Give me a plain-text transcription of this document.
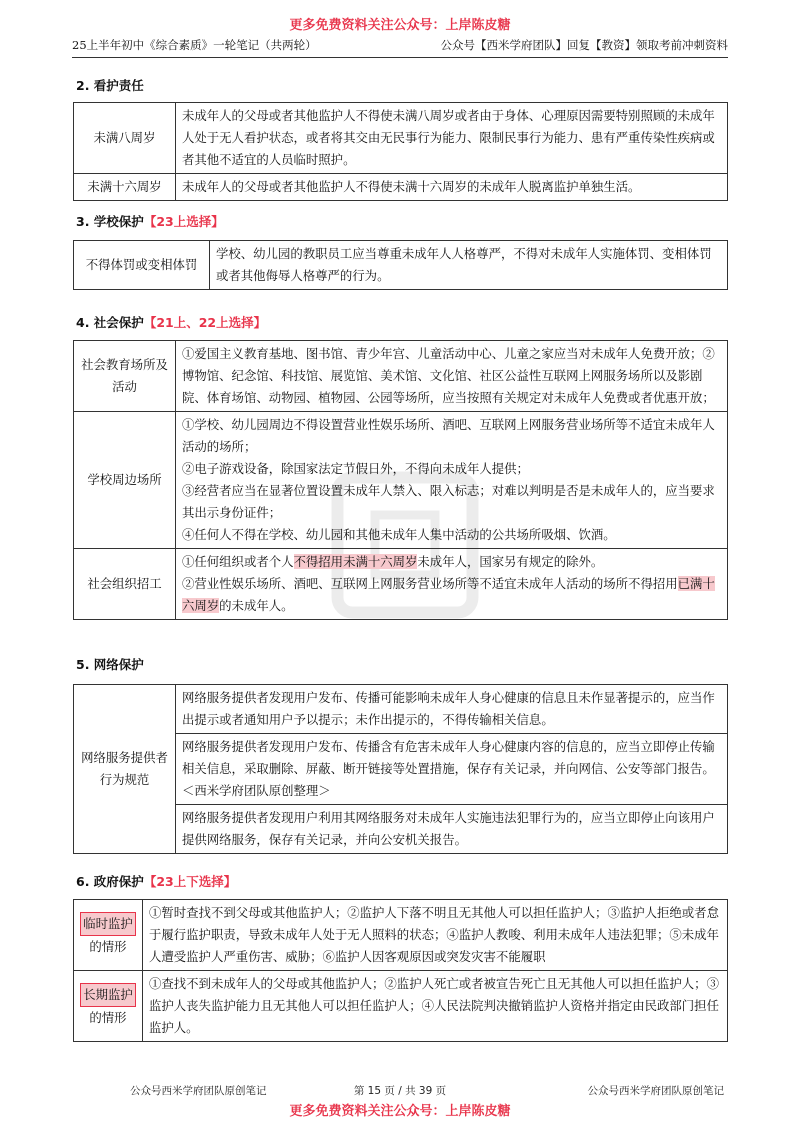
更多免费资料关注公众号：上岸陈皮糖
25上半年初中《综合素质》一轮笔记（共两轮）	公众号【西米学府团队】回复【教资】领取考前冲刺资料
2. 看护责任
未满八周岁	未成年人的父母或者其他监护人不得使未满八周岁或者由于身体、心理原因需要特别照顾的未成年人处于无人看护状态，或者将其交由无民事行为能力、限制民事行为能力、患有严重传染性疾病或者其他不适宜的人员临时照护。
未满十六周岁	未成年人的父母或者其他监护人不得使未满十六周岁的未成年人脱离监护单独生活。
3. 学校保护【23上选择】
不得体罚或变相体罚	学校、幼儿园的教职员工应当尊重未成年人人格尊严，不得对未成年人实施体罚、变相体罚或者其他侮辱人格尊严的行为。
4. 社会保护【21上、22上选择】
社会教育场所及活动	①爱国主义教育基地、图书馆、青少年宫、儿童活动中心、儿童之家应当对未成年人免费开放；②博物馆、纪念馆、科技馆、展览馆、美术馆、文化馆、社区公益性互联网上网服务场所以及影剧院、体育场馆、动物园、植物园、公园等场所，应当按照有关规定对未成年人免费或者优惠开放；
学校周边场所	①学校、幼儿园周边不得设置营业性娱乐场所、酒吧、互联网上网服务营业场所等不适宜未成年人活动的场所；
②电子游戏设备，除国家法定节假日外，不得向未成年人提供；
③经营者应当在显著位置设置未成年人禁入、限入标志；对难以判明是否是未成年人的，应当要求其出示身份证件；
④任何人不得在学校、幼儿园和其他未成年人集中活动的公共场所吸烟、饮酒。

社会组织招工	①任何组织或者个人不得招用未满十六周岁未成年人，国家另有规定的除外。
②营业性娱乐场所、酒吧、互联网上网服务营业场所等不适宜未成年人活动的场所不得招用已满十六周岁的未成年人。
5. 网络保护
网络服务提供者行为规范	网络服务提供者发现用户发布、传播可能影响未成年人身心健康的信息且未作显著提示的，应当作出提示或者通知用户予以提示；未作出提示的，不得传输相关信息。
网络服务提供者发现用户发布、传播含有危害未成年人身心健康内容的信息的，应当立即停止传输相关信息，采取删除、屏蔽、断开链接等处置措施，保存有关记录，并向网信、公安等部门报告。＜西米学府团队原创整理＞
网络服务提供者发现用户利用其网络服务对未成年人实施违法犯罪行为的，应当立即停止向该用户提供网络服务，保存有关记录，并向公安机关报告。
6. 政府保护【23上下选择】
临时监护
的情形	①暂时查找不到父母或其他监护人；②监护人下落不明且无其他人可以担任监护人；③监护人拒绝或者怠于履行监护职责，导致未成年人处于无人照料的状态；④监护人教唆、利用未成年人违法犯罪；⑤未成年人遭受监护人严重伤害、威胁；⑥监护人因客观原因或突发灾害不能履职
长期监护
的情形	①查找不到未成年人的父母或其他监护人；②监护人死亡或者被宣告死亡且无其他人可以担任监护人；③监护人丧失监护能力且无其他人可以担任监护人；④人民法院判决撤销监护人资格并指定由民政部门担任监护人。
公众号西米学府团队原创笔记	第 15 页 / 共 39 页	公众号西米学府团队原创笔记
更多免费资料关注公众号：上岸陈皮糖
